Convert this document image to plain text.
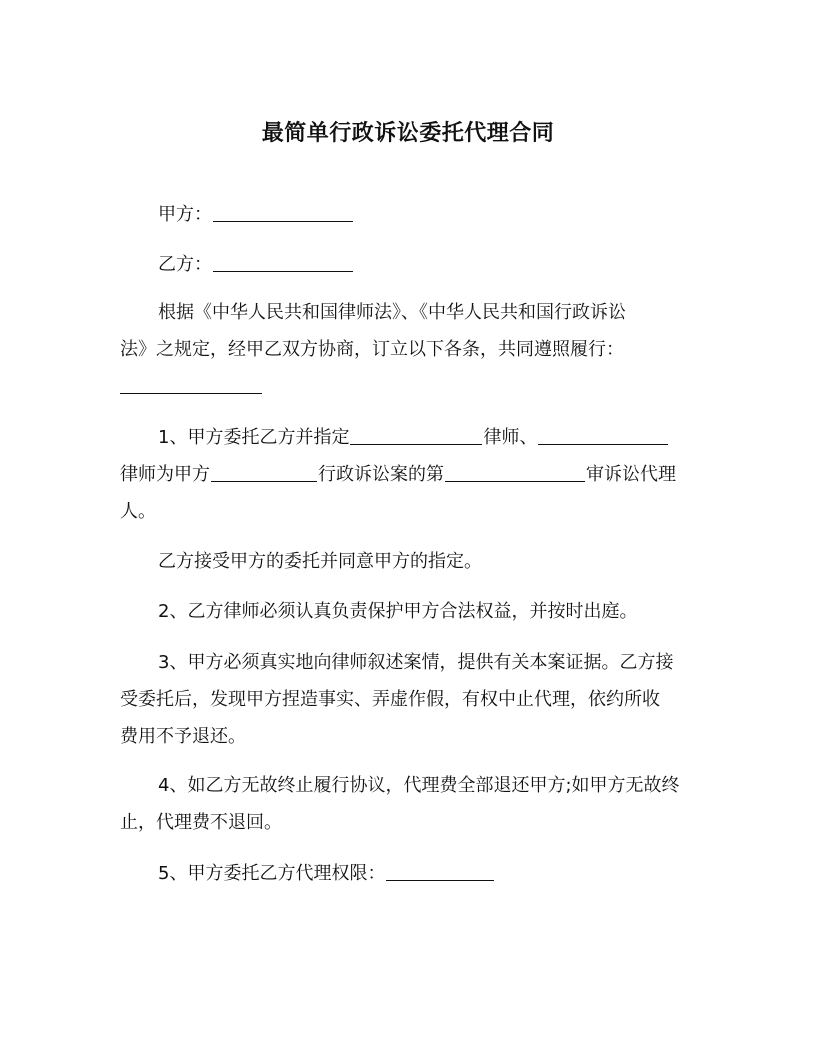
最简单行政诉讼委托代理合同
甲方：
乙方：
根据《中华人民共和国律师法》、《中华人民共和国行政诉讼
法》之规定，经甲乙双方协商，订立以下各条，共同遵照履行：
1、甲方委托乙方并指定	律师、
律师为甲方	行政诉讼案的第	审诉讼代理
人。
乙方接受甲方的委托并同意甲方的指定。
2、乙方律师必须认真负责保护甲方合法权益，并按时出庭。
3、甲方必须真实地向律师叙述案情，提供有关本案证据。乙方接
受委托后，发现甲方捏造事实、弄虚作假，有权中止代理，依约所收
费用不予退还。
4、如乙方无故终止履行协议，代理费全部退还甲方;如甲方无故终
止，代理费不退回。
5、甲方委托乙方代理权限：
